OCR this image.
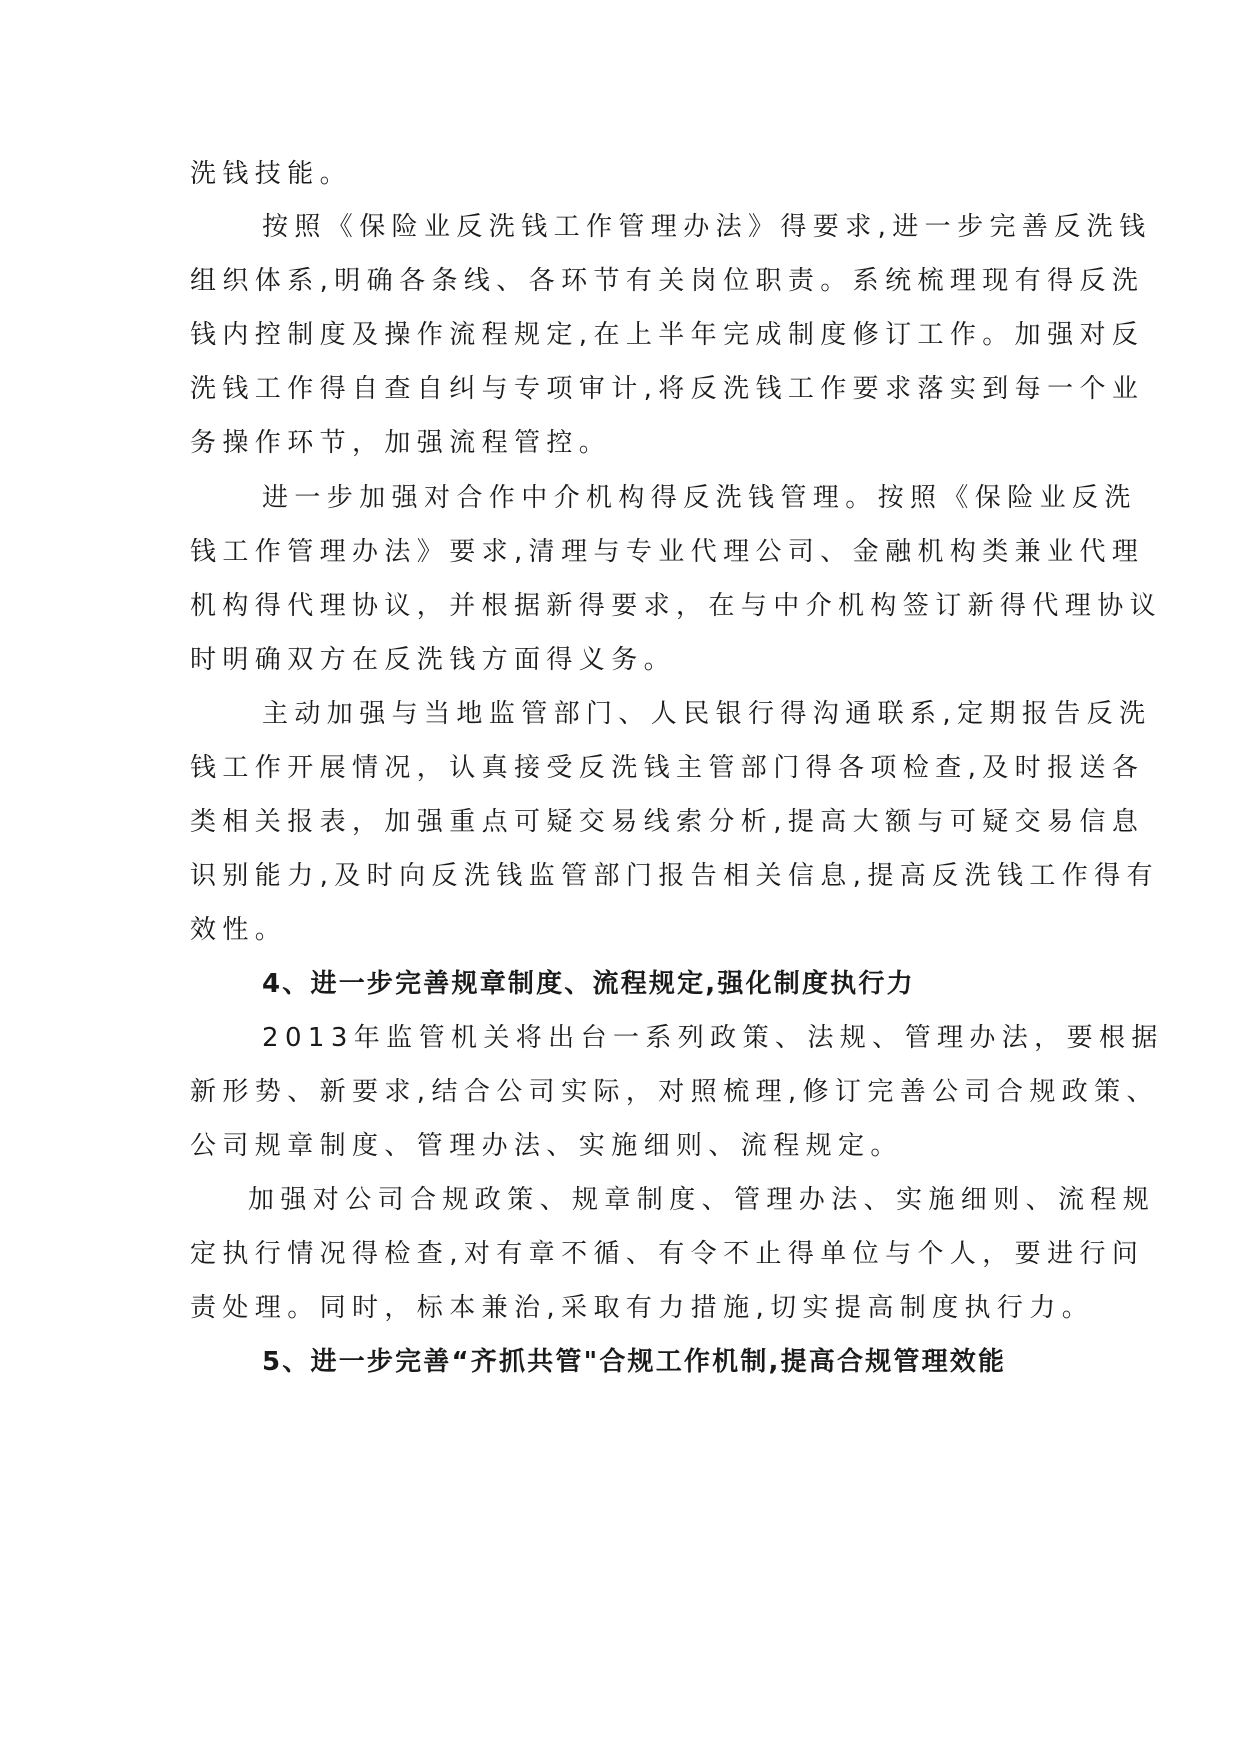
洗钱技能。

按照《保险业反洗钱工作管理办法》得要求,进一步完善反洗钱

组织体系,明确各条线、各环节有关岗位职责。系统梳理现有得反洗

钱内控制度及操作流程规定,在上半年完成制度修订工作。加强对反

洗钱工作得自查自纠与专项审计,将反洗钱工作要求落实到每一个业

务操作环节，加强流程管控。

进一步加强对合作中介机构得反洗钱管理。按照《保险业反洗

钱工作管理办法》要求,清理与专业代理公司、金融机构类兼业代理

机构得代理协议，并根据新得要求，在与中介机构签订新得代理协议

时明确双方在反洗钱方面得义务。

主动加强与当地监管部门、人民银行得沟通联系,定期报告反洗

钱工作开展情况，认真接受反洗钱主管部门得各项检查,及时报送各

类相关报表，加强重点可疑交易线索分析,提高大额与可疑交易信息

识别能力,及时向反洗钱监管部门报告相关信息,提高反洗钱工作得有

效性。

4、进一步完善规章制度、流程规定,强化制度执行力

2013年监管机关将出台一系列政策、法规、管理办法，要根据

新形势、新要求,结合公司实际，对照梳理,修订完善公司合规政策、

公司规章制度、管理办法、实施细则、流程规定。

加强对公司合规政策、规章制度、管理办法、实施细则、流程规

定执行情况得检查,对有章不循、有令不止得单位与个人，要进行问

责处理。同时，标本兼治,采取有力措施,切实提高制度执行力。

5、进一步完善“齐抓共管"合规工作机制,提高合规管理效能
